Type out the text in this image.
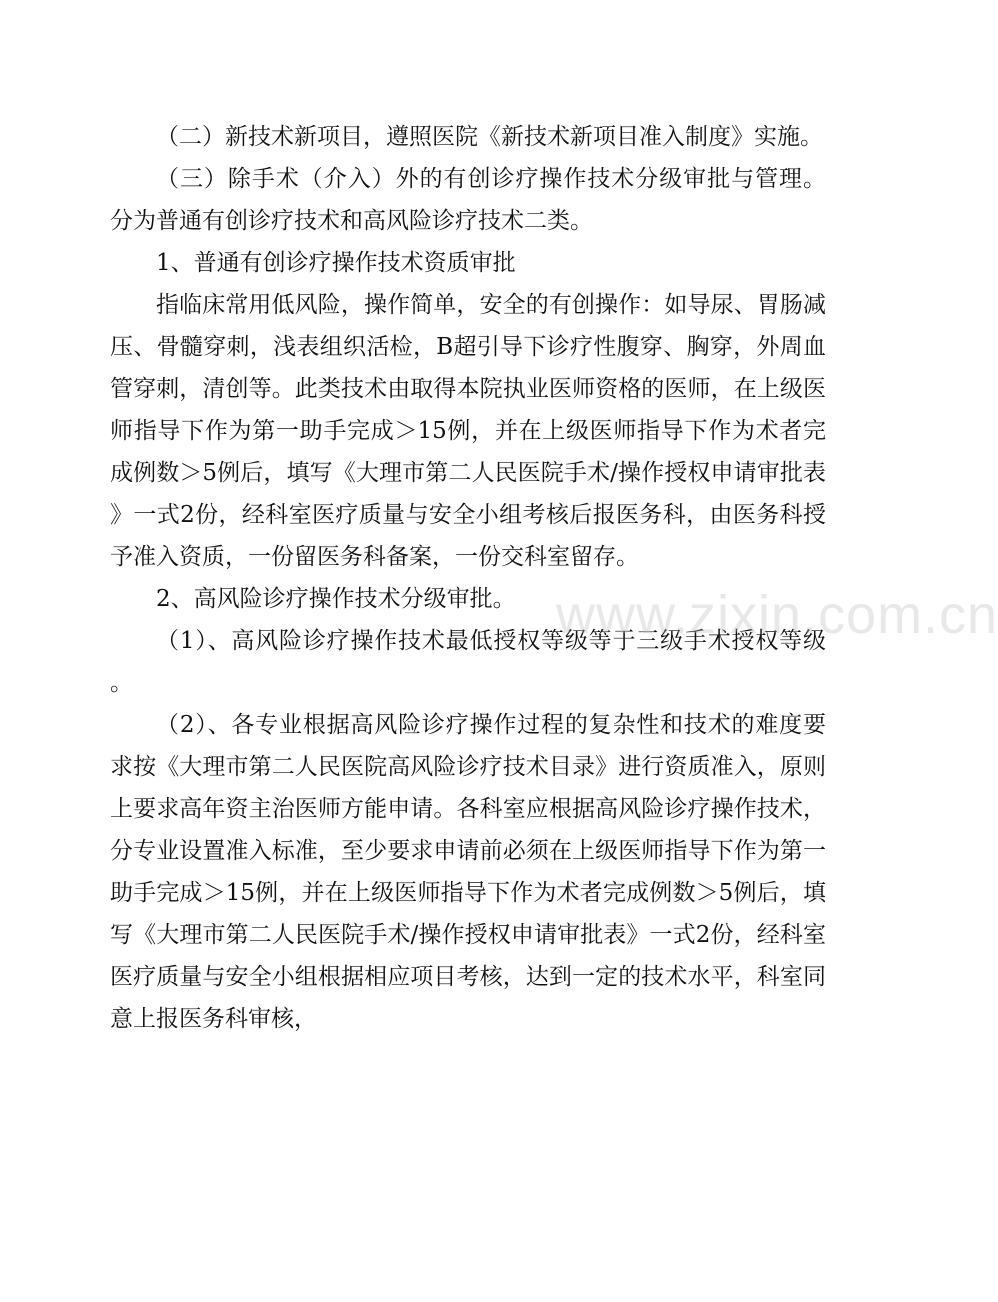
（二）新技术新项目，遵照医院《新技术新项目准入制度》实施。

（三）除手术（介入）外的有创诊疗操作技术分级审批与管理。 分为普通有创诊疗技术和高风险诊疗技术二类。

1、普通有创诊疗操作技术资质审批

指临床常用低风险，操作简单，安全的有创操作：如导尿、胃肠减压、骨髓穿刺，浅表组织活检，B超引导下诊疗性腹穿、胸穿，外周血管穿刺，清创等。此类技术由取得本院执业医师资格的医师，在上级医师指导下作为第一助手完成＞15例，并在上级医师指导下作为术者完成例数＞5例后，填写《大理市第二人民医院手术/操作授权申请审批表》一式2份，经科室医疗质量与安全小组考核后报医务科，由医务科授予准入资质，一份留医务科备案，一份交科室留存。

2、高风险诊疗操作技术分级审批。

（1）、高风险诊疗操作技术最低授权等级等于三级手术授权等级。

（2）、各专业根据高风险诊疗操作过程的复杂性和技术的难度要求按《大理市第二人民医院高风险诊疗技术目录》进行资质准入，原则上要求高年资主治医师方能申请。各科室应根据高风险诊疗操作技术，分专业设置准入标准，至少要求申请前必须在上级医师指导下作为第一助手完成＞15例，并在上级医师指导下作为术者完成例数＞5例后，填写《大理市第二人民医院手术/操作授权申请审批表》一式2份，经科室医疗质量与安全小组根据相应项目考核，达到一定的技术水平，科室同意上报医务科审核，

www.zixin.com.cn
